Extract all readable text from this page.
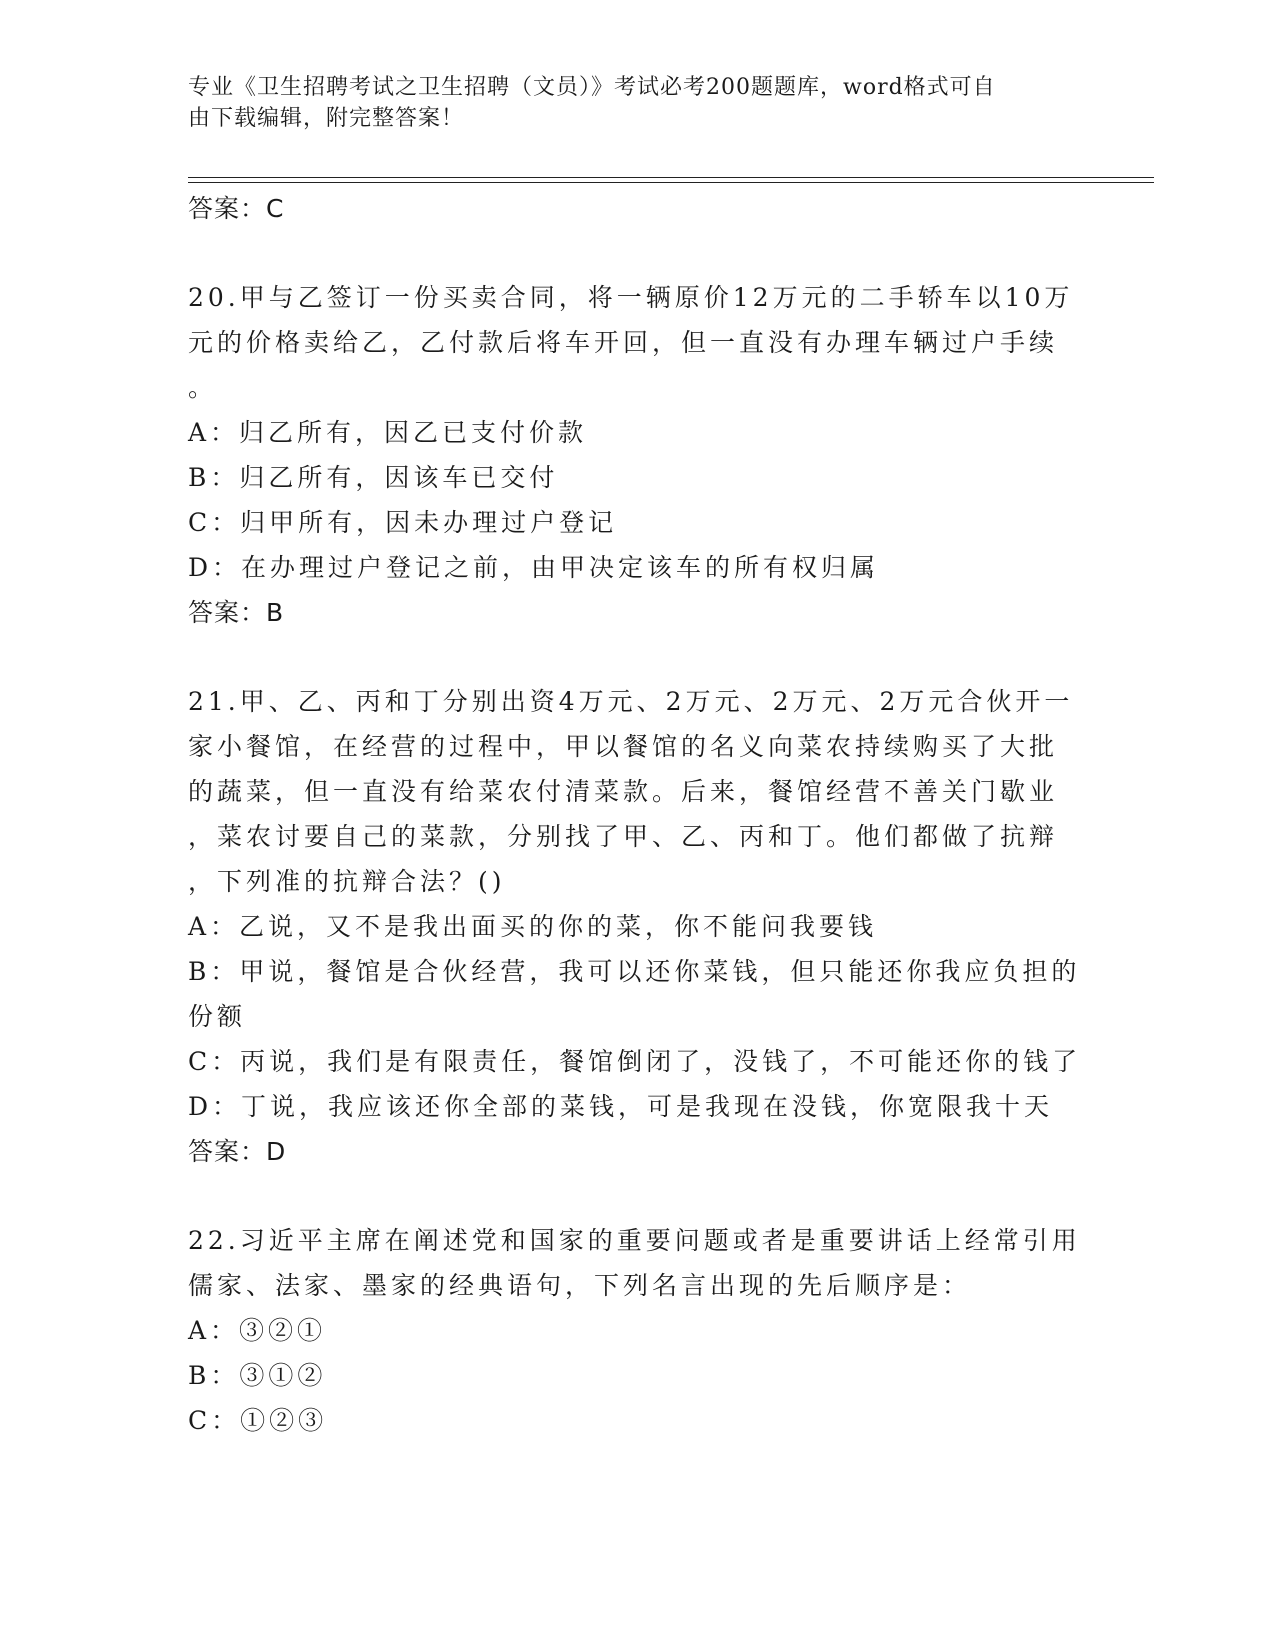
专业《卫生招聘考试之卫生招聘（文员）》考试必考200题题库，word格式可自
由下载编辑，附完整答案！
答案：C
20.甲与乙签订一份买卖合同，将一辆原价12万元的二手轿车以10万
元的价格卖给乙，乙付款后将车开回，但一直没有办理车辆过户手续
。
A：归乙所有，因乙已支付价款
B：归乙所有，因该车已交付
C：归甲所有，因未办理过户登记
D：在办理过户登记之前，由甲决定该车的所有权归属
答案：B
21.甲、乙、丙和丁分别出资4万元、2万元、2万元、2万元合伙开一
家小餐馆，在经营的过程中，甲以餐馆的名义向菜农持续购买了大批
的蔬菜，但一直没有给菜农付清菜款。后来，餐馆经营不善关门歇业
，菜农讨要自己的菜款，分别找了甲、乙、丙和丁。他们都做了抗辩
，下列准的抗辩合法？()
A：乙说，又不是我出面买的你的菜，你不能问我要钱
B：甲说，餐馆是合伙经营，我可以还你菜钱，但只能还你我应负担的
份额
C：丙说，我们是有限责任，餐馆倒闭了，没钱了，不可能还你的钱了
D：丁说，我应该还你全部的菜钱，可是我现在没钱，你宽限我十天
答案：D
22.习近平主席在阐述党和国家的重要问题或者是重要讲话上经常引用
儒家、法家、墨家的经典语句，下列名言出现的先后顺序是：
A：③②①
B：③①②
C：①②③
